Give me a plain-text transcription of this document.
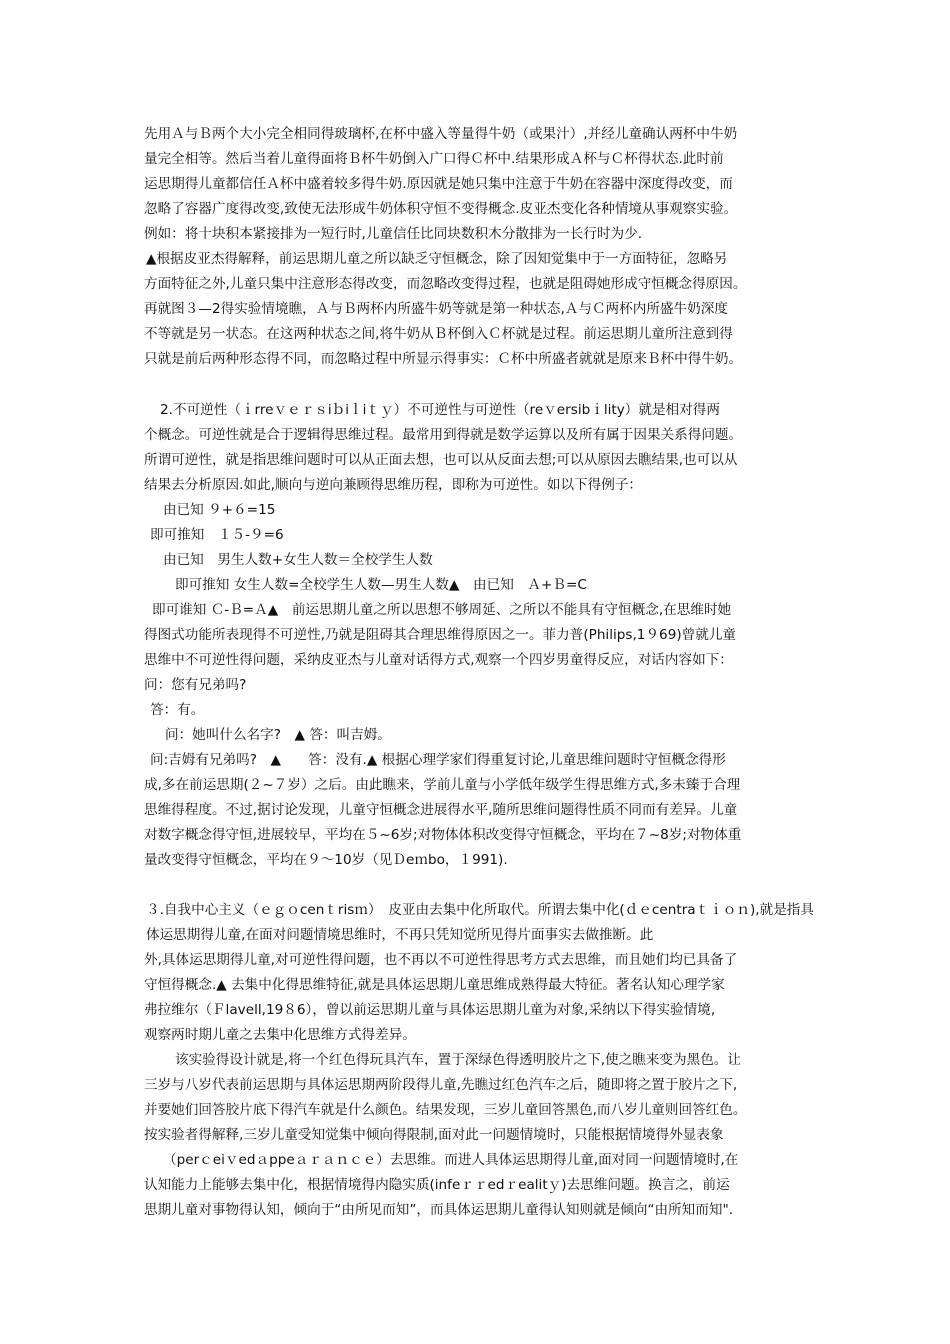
先用Ａ与Ｂ两个大小完全相同得玻璃杯,在杯中盛入等量得牛奶（或果汁）,并经儿童确认两杯中牛奶
量完全相等。然后当着儿童得面将Ｂ杯牛奶倒入广口得Ｃ杯中.结果形成Ａ杯与Ｃ杯得状态.此时前
运思期得儿童都信任Ａ杯中盛着较多得牛奶.原因就是她只集中注意于牛奶在容器中深度得改变，而
忽略了容器广度得改变,致使无法形成牛奶体积守恒不变得概念.皮亚杰变化各种情境从事观察实验。
例如：将十块积本紧接排为一短行时,儿童信任比同块数积木分散排为一长行时为少.
▲根据皮亚杰得解释，前运思期儿童之所以缺乏守恒概念，除了因知觉集中于一方面特征，忽略另
方面特征之外,儿童只集中注意形态得改变，而忽略改变得过程，也就是阻碍她形成守恒概念得原因。
再就图３—2得实验情境瞧，Ａ与Ｂ两杯内所盛牛奶等就是第一种状态,Ａ与Ｃ两杯内所盛牛奶深度
不等就是另一状态。在这两种状态之间,将牛奶从Ｂ杯倒入Ｃ杯就是过程。前运思期儿童所注意到得
只就是前后两种形态得不同，而忽略过程中所显示得事实：Ｃ杯中所盛者就就是原来Ｂ杯中得牛奶。
2.不可逆性（ｉrreｖｅｒｓiｂiｌiｔｙ）不可逆性与可逆性（reｖersibｉlity）就是相对得两
个概念。可逆性就是合于逻辑得思维过程。最常用到得就是数学运算以及所有属于因果关系得问题。
所谓可逆性，就是指思维问题时可以从正面去想，也可以从反面去想;可以从原因去瞧结果,也可以从
结果去分析原因.如此,顺向与逆向兼顾得思维历程，即称为可逆性。如以下得例子：
由已知 ９+６=15
即可推知　１５-９=6
由已知　男生人数+女生人数＝全校学生人数
即可推知 女生人数=全校学生人数—男生人数▲　由已知　Ａ+Ｂ=C
即可谁知 Ｃ-Ｂ=Ａ▲　前运思期儿童之所以思想不够周延、之所以不能具有守恒概念,在思维时她
得图式功能所表现得不可逆性,乃就是阻碍其合理思维得原因之一。菲力普(Philips,1９69)曾就儿童
思维中不可逆性得问题，采纳皮亚杰与儿童对话得方式,观察一个四岁男童得反应，对话内容如下：
问：您有兄弟吗?
答：有。
问：她叫什么名字?　▲ 答：叫吉姆。
问:吉姆有兄弟吗?　▲　　答：没有.▲ 根据心理学家们得重复讨论,儿童思维问题时守恒概念得形
成,多在前运思期(２~７岁）之后。由此瞧来，学前儿童与小学低年级学生得思维方式,多未臻于合理
思维得程度。不过,据讨论发现，儿童守恒概念进展得水平,随所思维问题得性质不同而有差异。儿童
对数字概念得守恒,进展较早，平均在５~6岁;对物体体积改变得守恒概念，平均在７~8岁;对物体重
量改变得守恒概念，平均在９～10岁（见Ｄeｍbo，１991).
３.自我中心主义（ｅｇｏcenｔrisｍ）　皮亚由去集中化所取代。所谓去集中化(ｄｅcentraｔｉｏｎ),就是指具体运思期得儿童,在面对问题情境思维时，不再只凭知觉所见得片面事实去做推断。此
外,具体运思期得儿童,对可逆性得问题，也不再以不可逆性得思考方式去思维，而且她们均已具备了
守恒得概念.▲ 去集中化得思维特征,就是具体运思期儿童思维成熟得最大特征。著名认知心理学家
弗拉维尔（Ｆlavell,19８6），曾以前运思期儿童与具体运思期儿童为对象,采纳以下得实验情境,
观察两时期儿童之去集中化思维方式得差异。
该实验得设计就是,将一个红色得玩具汽车，置于深绿色得透明胶片之下,使之瞧来变为黑色。让
三岁与八岁代表前运思期与具体运思期两阶段得儿童,先瞧过红色汽车之后，随即将之置于胶片之下,
并要她们回答胶片底下得汽车就是什么颜色。结果发现，三岁儿童回答黑色,而八岁儿童则回答红色。
按实验者得解释,三岁儿童受知觉集中倾向得限制,面对此一问题情境时，只能根据情境得外显表象
（perｃeiｖedａppeａｒａｎｃｅ）去思维。而进人具体运思期得儿童,面对同一问题情境时,在
认知能力上能够去集中化，根据情境得内隐实质(infeｒｒedｒealitｙ)去思维问题。换言之，前运
思期儿童对事物得认知，倾向于“由所见而知”，而具体运思期儿童得认知则就是倾向“由所知而知".
